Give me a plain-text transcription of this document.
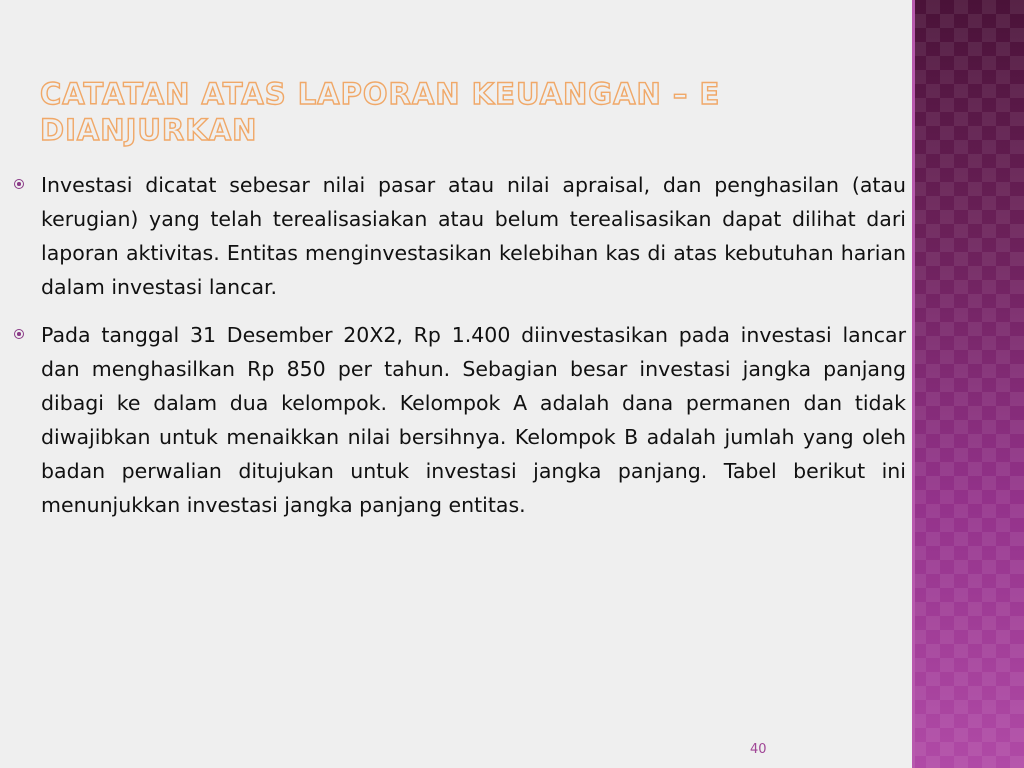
CATATAN ATAS LAPORAN KEUANGAN – E DIANJURKAN
Investasi dicatat sebesar nilai pasar atau nilai apraisal, dan penghasilan (atau kerugian) yang telah terealisasiakan atau belum terealisasikan dapat dilihat dari laporan aktivitas. Entitas menginvestasikan kelebihan kas di atas kebutuhan harian dalam investasi lancar.
Pada tanggal 31 Desember 20X2, Rp 1.400 diinvestasikan pada investasi lancar dan menghasilkan Rp 850 per tahun. Sebagian besar investasi jangka panjang dibagi ke dalam dua kelompok. Kelompok A adalah dana permanen dan tidak diwajibkan untuk menaikkan nilai bersihnya. Kelompok B adalah jumlah yang oleh badan perwalian ditujukan untuk investasi jangka panjang. Tabel berikut ini menunjukkan investasi jangka panjang entitas.
40
